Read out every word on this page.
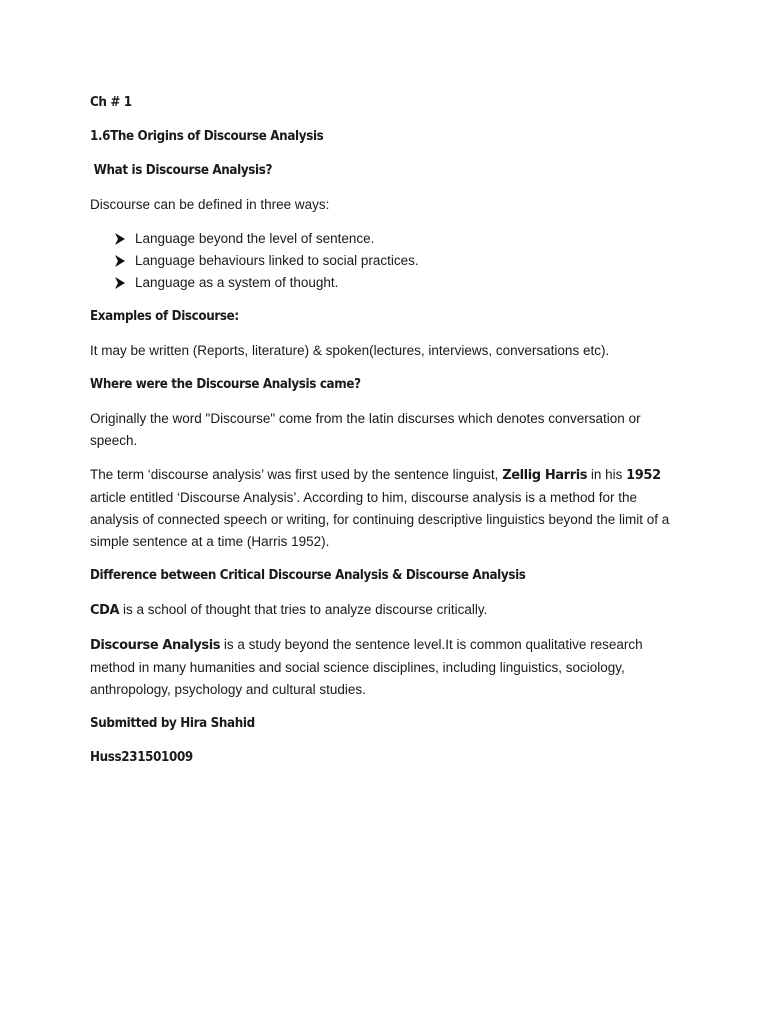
Ch # 1

1.6The Origins of Discourse Analysis

What is Discourse Analysis?

Discourse can be defined in three ways:

Language beyond the level of sentence.
Language behaviours linked to social practices.
Language as a system of thought.

Examples of Discourse:

It may be written (Reports, literature) & spoken(lectures, interviews, conversations etc).

Where were the Discourse Analysis came?

Originally the word "Discourse" come from the latin discurses which denotes conversation or speech.

The term ‘discourse analysis’ was first used by the sentence linguist, Zellig Harris in his 1952 article entitled ‘Discourse Analysis’. According to him, discourse analysis is a method for the analysis of connected speech or writing, for continuing descriptive linguistics beyond the limit of a simple sentence at a time (Harris 1952).

Difference between Critical Discourse Analysis & Discourse Analysis

CDA is a school of thought that tries to analyze discourse critically.

Discourse Analysis is a study beyond the sentence level.It is common qualitative research method in many humanities and social science disciplines, including linguistics, sociology, anthropology, psychology and cultural studies.

Submitted by Hira Shahid

Huss231501009
